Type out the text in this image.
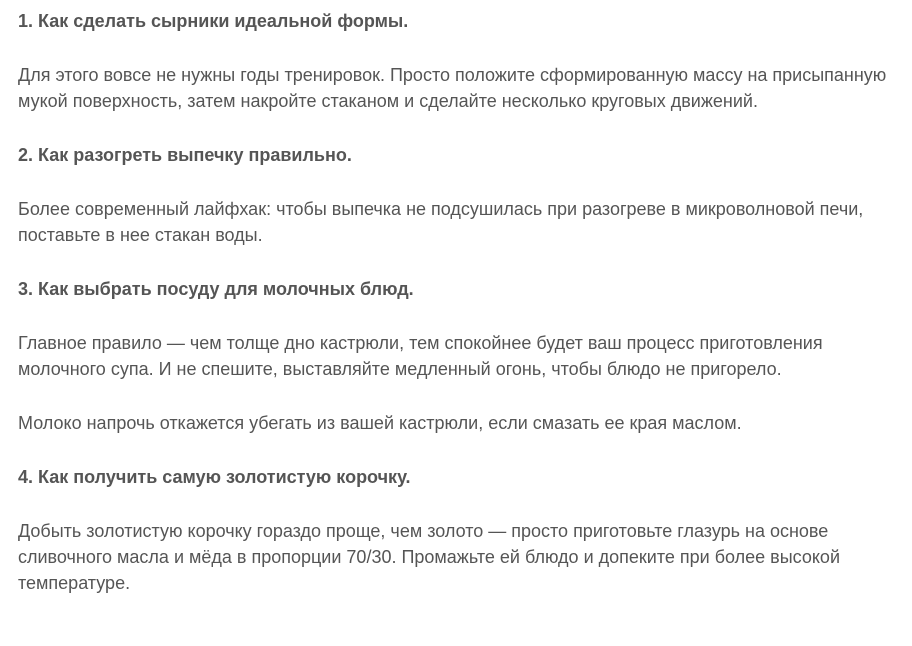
1. Как сделать сырники идеальной формы.

Для этого вовсе не нужны годы тренировок. Просто положите сформированную массу на присыпанную мукой поверхность, затем накройте стаканом и сделайте несколько круговых движений.

2. Как разогреть выпечку правильно.

Более современный лайфхак: чтобы выпечка не подсушилась при разогреве в микроволновой печи, поставьте в нее стакан воды.

3. Как выбрать посуду для молочных блюд.

Главное правило — чем толще дно кастрюли, тем спокойнее будет ваш процесс приготовления молочного супа. И не спешите, выставляйте медленный огонь, чтобы блюдо не пригорело.

Молоко напрочь откажется убегать из вашей кастрюли, если смазать ее края маслом.

4. Как получить самую золотистую корочку.

Добыть золотистую корочку гораздо проще, чем золото — просто приготовьте глазурь на основе сливочного масла и мёда в пропорции 70/30. Промажьте ей блюдо и допеките при более высокой температуре.
